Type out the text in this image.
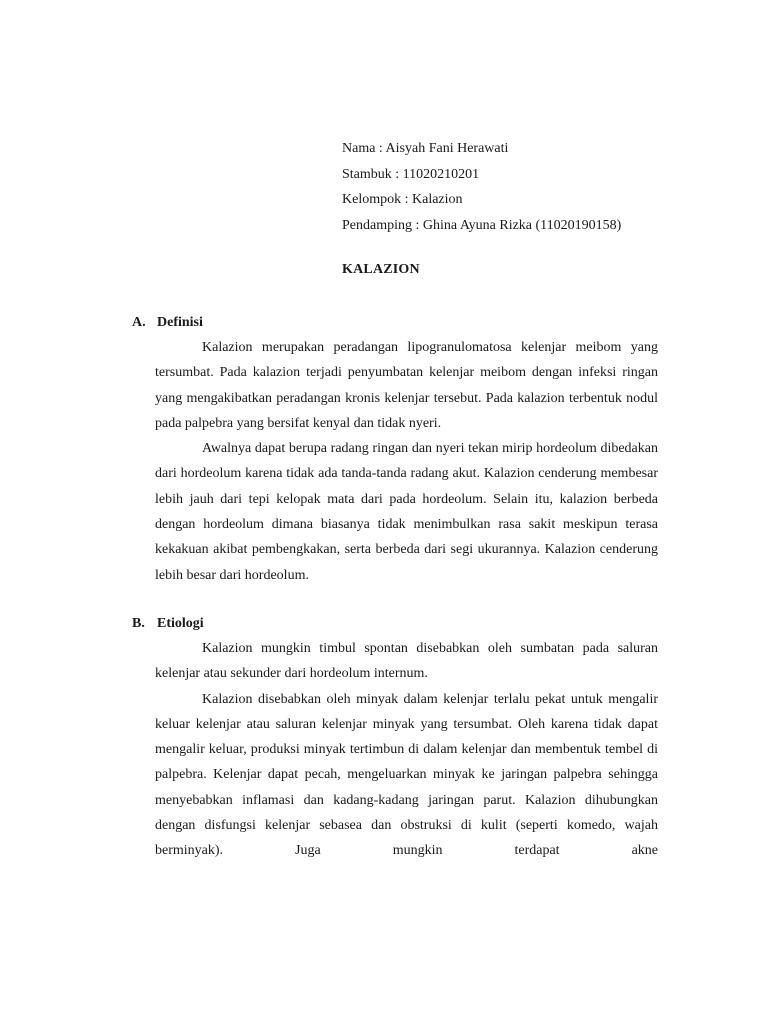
Nama : Aisyah Fani Herawati
Stambuk : 11020210201
Kelompok : Kalazion
Pendamping : Ghina Ayuna Rizka (11020190158)
KALAZION
A. Definisi
Kalazion merupakan peradangan lipogranulomatosa kelenjar meibom yang tersumbat. Pada kalazion terjadi penyumbatan kelenjar meibom dengan infeksi ringan yang mengakibatkan peradangan kronis kelenjar tersebut. Pada kalazion terbentuk nodul pada palpebra yang bersifat kenyal dan tidak nyeri.
Awalnya dapat berupa radang ringan dan nyeri tekan mirip hordeolum dibedakan dari hordeolum karena tidak ada tanda-tanda radang akut. Kalazion cenderung membesar lebih jauh dari tepi kelopak mata dari pada hordeolum. Selain itu, kalazion berbeda dengan hordeolum dimana biasanya tidak menimbulkan rasa sakit meskipun terasa kekakuan akibat pembengkakan, serta berbeda dari segi ukurannya. Kalazion cenderung lebih besar dari hordeolum.
B. Etiologi
Kalazion mungkin timbul spontan disebabkan oleh sumbatan pada saluran kelenjar atau sekunder dari hordeolum internum.
Kalazion disebabkan oleh minyak dalam kelenjar terlalu pekat untuk mengalir keluar kelenjar atau saluran kelenjar minyak yang tersumbat. Oleh karena tidak dapat mengalir keluar, produksi minyak tertimbun di dalam kelenjar dan membentuk tembel di palpebra. Kelenjar dapat pecah, mengeluarkan minyak ke jaringan palpebra sehingga menyebabkan inflamasi dan kadang-kadang jaringan parut. Kalazion dihubungkan dengan disfungsi kelenjar sebasea dan obstruksi di kulit (seperti komedo, wajah berminyak). Juga mungkin terdapat akne
